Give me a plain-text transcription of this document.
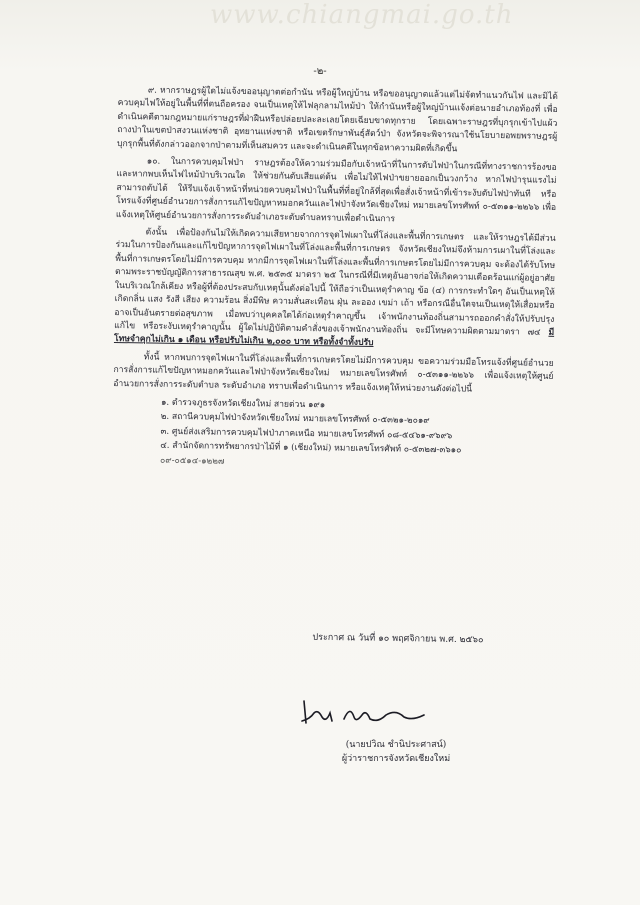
www.chiangmai.go.th
-๒-

๙. หากราษฎรผู้ใดไม่แจ้งขออนุญาตต่อกำนัน หรือผู้ใหญ่บ้าน หรือขออนุญาตแล้วแต่ไม่จัดทำแนวกันไฟ และมิได้ควบคุมไฟให้อยู่ในพื้นที่ที่ตนถือครอง จนเป็นเหตุให้ไฟลุกลามไหม้ป่า ให้กำนันหรือผู้ใหญ่บ้านแจ้งต่อนายอำเภอท้องที่ เพื่อดำเนินคดีตามกฎหมายแก่ราษฎรที่ฝ่าฝืนหรือปล่อยปละละเลยโดยเฉียบขาดทุกราย โดยเฉพาะราษฎรที่บุกรุกเข้าไปแผ้วถางป่าในเขตป่าสงวนแห่งชาติ อุทยานแห่งชาติ หรือเขตรักษาพันธุ์สัตว์ป่า จังหวัดจะพิจารณาใช้นโยบายอพยพราษฎรผู้บุกรุกพื้นที่ดังกล่าวออกจากป่าตามที่เห็นสมควร และจะดำเนินคดีในทุกข้อหาความผิดที่เกิดขึ้น

๑๐. ในการควบคุมไฟป่า ราษฎรต้องให้ความร่วมมือกับเจ้าหน้าที่ในการดับไฟป่าในกรณีที่ทางราชการร้องขอ และหากพบเห็นไฟไหม้ป่าบริเวณใด ให้ช่วยกันดับเสียแต่ต้น เพื่อไม่ให้ไฟป่าขยายออกเป็นวงกว้าง หากไฟป่ารุนแรงไม่สามารถดับได้ ให้รีบแจ้งเจ้าหน้าที่หน่วยควบคุมไฟป่าในพื้นที่ที่อยู่ใกล้ที่สุดเพื่อสั่งเจ้าหน้าที่เข้าระงับดับไฟป่าทันที หรือ โทรแจ้งที่ศูนย์อำนวยการสั่งการแก้ไขปัญหาหมอกควันและไฟป่าจังหวัดเชียงใหม่ หมายเลขโทรศัพท์ ๐-๕๓๑๑-๒๒๖๖ เพื่อแจ้งเหตุให้ศูนย์อำนวยการสั่งการระดับอำเภอระดับตำบลทราบเพื่อดำเนินการ

ดังนั้น เพื่อป้องกันไม่ให้เกิดความเสียหายจากการจุดไฟเผาในที่โล่งและพื้นที่การเกษตร และให้ราษฎรได้มีส่วนร่วมในการป้องกันและแก้ไขปัญหาการจุดไฟเผาในที่โล่งและพื้นที่การเกษตร จังหวัดเชียงใหม่จึงห้ามการเผาในที่โล่งและพื้นที่การเกษตรโดยไม่มีการควบคุม หากมีการจุดไฟเผาในที่โล่งและพื้นที่การเกษตรโดยไม่มีการควบคุม จะต้องได้รับโทษตามพระราชบัญญัติการสาธารณสุข พ.ศ. ๒๕๓๕ มาตรา ๒๕ ในกรณีที่มีเหตุอันอาจก่อให้เกิดความเดือดร้อนแก่ผู้อยู่อาศัยในบริเวณใกล้เคียง หรือผู้ที่ต้องประสบกับเหตุนั้นดังต่อไปนี้ ให้ถือว่าเป็นเหตุรำคาญ ข้อ (๔) การกระทำใดๆ อันเป็นเหตุให้เกิดกลิ่น แสง รังสี เสียง ความร้อน สิ่งมีพิษ ความสั่นสะเทือน ฝุ่น ละออง เขม่า เถ้า หรือกรณีอื่นใดจนเป็นเหตุให้เสื่อมหรืออาจเป็นอันตรายต่อสุขภาพ เมื่อพบว่าบุคคลใดได้ก่อเหตุรำคาญขึ้น เจ้าพนักงานท้องถิ่นสามารถออกคำสั่งให้ปรับปรุงแก้ไข หรือระงับเหตุรำคาญนั้น ผู้ใดไม่ปฏิบัติตามคำสั่งของเจ้าพนักงานท้องถิ่น จะมีโทษความผิดตามมาตรา ๗๔ มีโทษจำคุกไม่เกิน ๑ เดือน หรือปรับไม่เกิน ๒,๐๐๐ บาท หรือทั้งจำทั้งปรับ

ทั้งนี้ หากพบการจุดไฟเผาในที่โล่งและพื้นที่การเกษตรโดยไม่มีการควบคุม ขอความร่วมมือโทรแจ้งที่ศูนย์อำนวยการสั่งการแก้ไขปัญหาหมอกควันและไฟป่าจังหวัดเชียงใหม่ หมายเลขโทรศัพท์ ๐-๕๓๑๑-๒๒๖๖ เพื่อแจ้งเหตุให้ศูนย์อำนวยการสั่งการระดับตำบล ระดับอำเภอ ทราบเพื่อดำเนินการ หรือแจ้งเหตุให้หน่วยงานดังต่อไปนี้

๑. ตำรวจภูธรจังหวัดเชียงใหม่ สายด่วน ๑๙๑
๒. สถานีควบคุมไฟป่าจังหวัดเชียงใหม่ หมายเลขโทรศัพท์ ๐-๕๓๒๑-๒๐๑๙
๓. ศูนย์ส่งเสริมการควบคุมไฟป่าภาคเหนือ หมายเลขโทรศัพท์ ๐๘-๕๔๖๑-๙๖๙๖
๔. สำนักจัดการทรัพยากรป่าไม้ที่ ๑ (เชียงใหม่) หมายเลขโทรศัพท์ ๐-๕๓๒๗-๓๖๑๐
๐๙-๐๕๑๔-๑๒๒๗
ประกาศ ณ วันที่ ๑๐ พฤศจิกายน พ.ศ. ๒๕๖๐
(นายปวิณ ชำนิประศาสน์)
ผู้ว่าราชการจังหวัดเชียงใหม่
